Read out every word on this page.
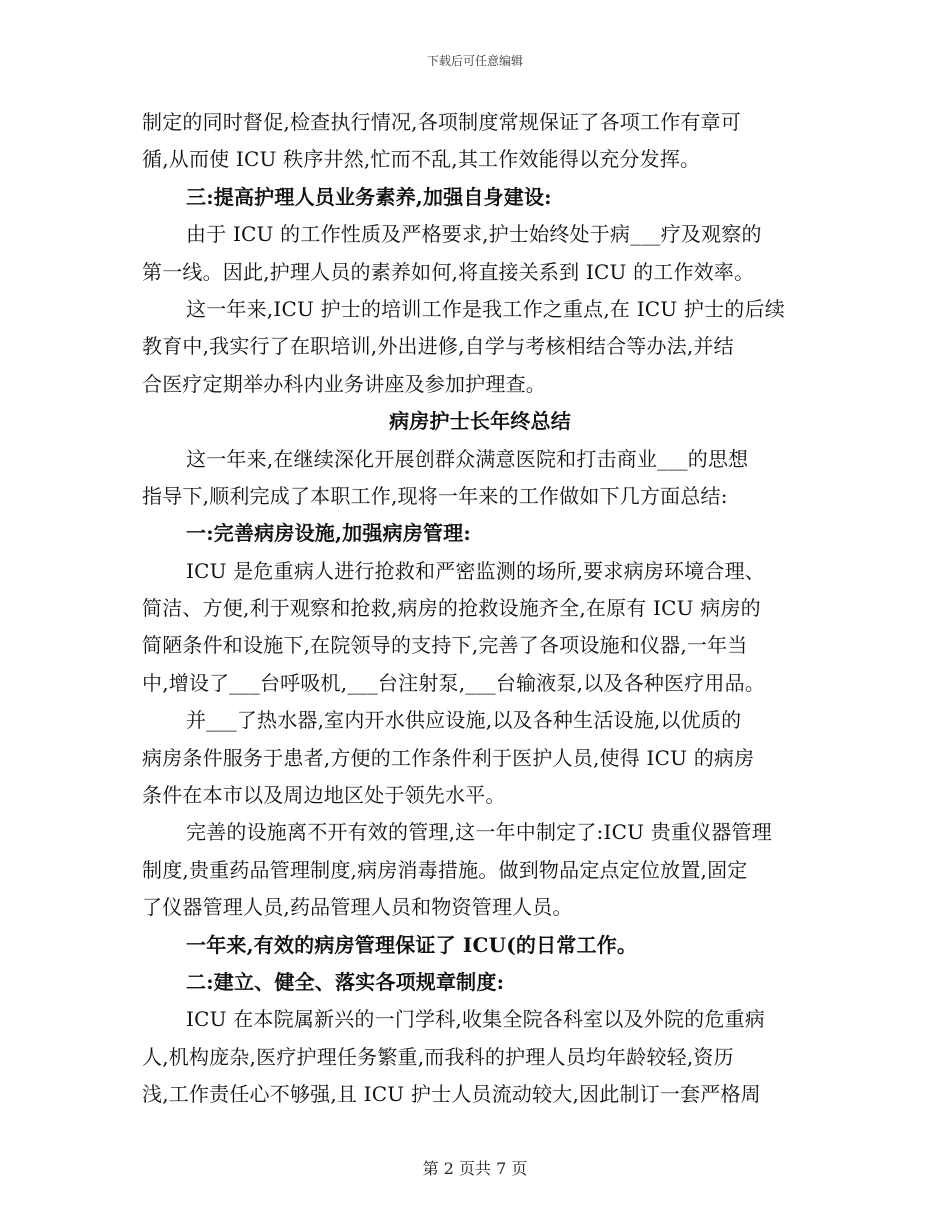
下载后可任意编辑
制定的同时督促,检查执行情况,各项制度常规保证了各项工作有章可
循,从而使 ICU 秩序井然,忙而不乱,其工作效能得以充分发挥。
三:提高护理人员业务素养,加强自身建设:
由于 ICU 的工作性质及严格要求,护士始终处于病___疗及观察的
第一线。因此,护理人员的素养如何,将直接关系到 ICU 的工作效率。
这一年来,ICU 护士的培训工作是我工作之重点,在 ICU 护士的后续
教育中,我实行了在职培训,外出进修,自学与考核相结合等办法,并结
合医疗定期举办科内业务讲座及参加护理查。
病房护士长年终总结
这一年来,在继续深化开展创群众满意医院和打击商业___的思想
指导下,顺利完成了本职工作,现将一年来的工作做如下几方面总结:
一:完善病房设施,加强病房管理:
ICU 是危重病人进行抢救和严密监测的场所,要求病房环境合理、
简洁、方便,利于观察和抢救,病房的抢救设施齐全,在原有 ICU 病房的
简陋条件和设施下,在院领导的支持下,完善了各项设施和仪器,一年当
中,增设了___台呼吸机,___台注射泵,___台输液泵,以及各种医疗用品。
并___了热水器,室内开水供应设施,以及各种生活设施,以优质的
病房条件服务于患者,方便的工作条件利于医护人员,使得 ICU 的病房
条件在本市以及周边地区处于领先水平。
完善的设施离不开有效的管理,这一年中制定了:ICU 贵重仪器管理
制度,贵重药品管理制度,病房消毒措施。做到物品定点定位放置,固定
了仪器管理人员,药品管理人员和物资管理人员。
一年来,有效的病房管理保证了 ICU(的日常工作。
二:建立、健全、落实各项规章制度:
ICU 在本院属新兴的一门学科,收集全院各科室以及外院的危重病
人,机构庞杂,医疗护理任务繁重,而我科的护理人员均年龄较轻,资历
浅,工作责任心不够强,且 ICU 护士人员流动较大,因此制订一套严格周
第 2 页共 7 页
